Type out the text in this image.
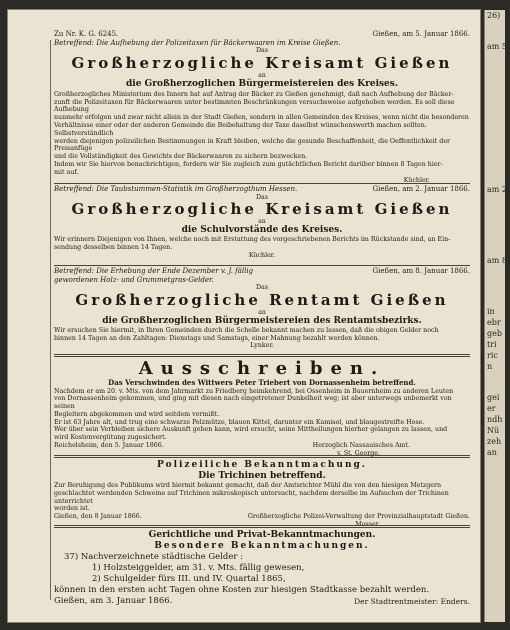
Zu Nr. K. G. 6245.	Gießen, am 5. Januar 1866.
Betreffend: Die Aufhebung der Polizeitaxen für Bäckerwaaren im Kreise Gießen.
Das
Großherzogliche Kreisamt Gießen
an
die Großherzoglichen Bürgermeistereien des Kreises.
Großherzogliches Ministerium des Innern hat auf Antrag der Bäcker zu Gießen genehmigt, daß nach Aufhebung der Bäcker-
zunft die Polizeitaxen für Bäckerwaaren unter bestimmten Beschränkungen versuchsweise aufgehoben werden. Es soll diese Aufhebung
nunmehr erfolgen und zwar nicht allein in der Stadt Gießen, sondern in allen Gemeinden des Kreises, wenn nicht die besonderen
Verhältnisse einer oder der anderen Gemeinde die Beibehaltung der Taxe daselbst wünschenswerth machen sollten. Selbstverständlich
werden diejenigen polizeilichen Bestimmungen in Kraft bleiben, welche die gesunde Beschaffenheit, die Oeffentlichkeit der Preisanfüge
und die Vollständigkeit des Gewichts der Bäckerwaaren zu sichern bezwecken.
Indem wir Sie hiervon benachrichtigen, fordern wir Sie zugleich zum gutächtlichen Bericht darüber binnen 8 Tagen hier-
mit auf.
Küchler.
Betreffend: Die Taubstummen-Statistik im Großherzogthum Hessen.	Gießen, am 2. Januar 1866.
Das
Großherzogliche Kreisamt Gießen
an
die Schulvorstände des Kreises.
Wir erinnern Diejenigen von Ihnen, welche noch mit Erstattung des vorgeschriebenen Berichts im Rückstande sind, an Ein-
sendung desselben binnen 14 Tagen.
Küchler.
Betreffend: Die Erhebung der Ende Dezember v. J. fällig gewordenen Holz- und Grummetgras-Gelder.
Gießen, am 8. Januar 1866.
Das
Großherzogliche Rentamt Gießen
an
die Großherzoglichen Bürgermeistereien des Rentamtsbezirks.
Wir ersuchen Sie hiermit, in Ihren Gemeinden durch die Schelle bekannt machen zu lassen, daß die obigen Gelder noch
binnen 14 Tagen an den Zahltagen: Dienstags und Samstags, einer Mahnung bezahlt werden können.
Lynker.
Ausschreiben.
Das Verschwinden des Wittwers Peter Triebert von Dornassenheim betreffend.
Nachdem er am 20. v. Mts. von dem Jahrmarkt zu Friedberg heimkehrend, bei Ossenheim in Bauernheim zu anderen Leuten
von Dornassenheim gekommen, und ging mit diesen nach eingetretener Dunkelheit weg; ist aber unterwegs unbemerkt von seinen
Begleitern abgekommen und wird seitdem vermißt.
Er ist 63 Jahre alt, und trug eine schwarze Pelzmütze, blauen Kittel, darunter ein Kamisol, und blaugestreifte Hose.
Wer über sein Verbleiben sichere Auskunft geben kann, wird ersucht, seine Mittheilungen hierher gelangen zu lassen, und
wird Kostenvergütung zugesichert.
Reichelsheim, den 5. Januar 1866.	Herzoglich Nassauisches Amt.
v. St. George.
Polizeiliche Bekanntmachung.
Die Trichinen betreffend.
Zur Beruhigung des Publikums wird hiermit bekannt gemacht, daß der Amtsrichter Mühl die von den hiesigen Metzgern
geschlachtet werdenden Schweine auf Trichinen mikroskopisch untersucht, nachdem derselbe im Aufsuchen der Trichinen unterrichtet
worden ist.
Gießen, den 8 Januar 1866.	Großherzogliche Polizei-Verwaltung der Provinzialhauptstadt Gießen.
Mosser.
Gerichtliche und Privat-Bekanntmachungen.
Besondere Bekanntmachungen.
37) Nachverzeichnete städtische Gelder :
1) Holzsteiggelder, am 31. v. Mts. fällig gewesen,
2) Schulgelder fürs III. und IV. Quartal 1865,
können in den ersten acht Tagen ohne Kosten zur hiesigen Stadtkasse bezahlt werden.
Gießen, am 3. Januar 1866.	Der Stadtrentmeister: Enders.
26)
am 5.
am 2.
am 8.
in
ebr
geb
tri
ric
n
gei
er
ndh
Nü
zeh
an
